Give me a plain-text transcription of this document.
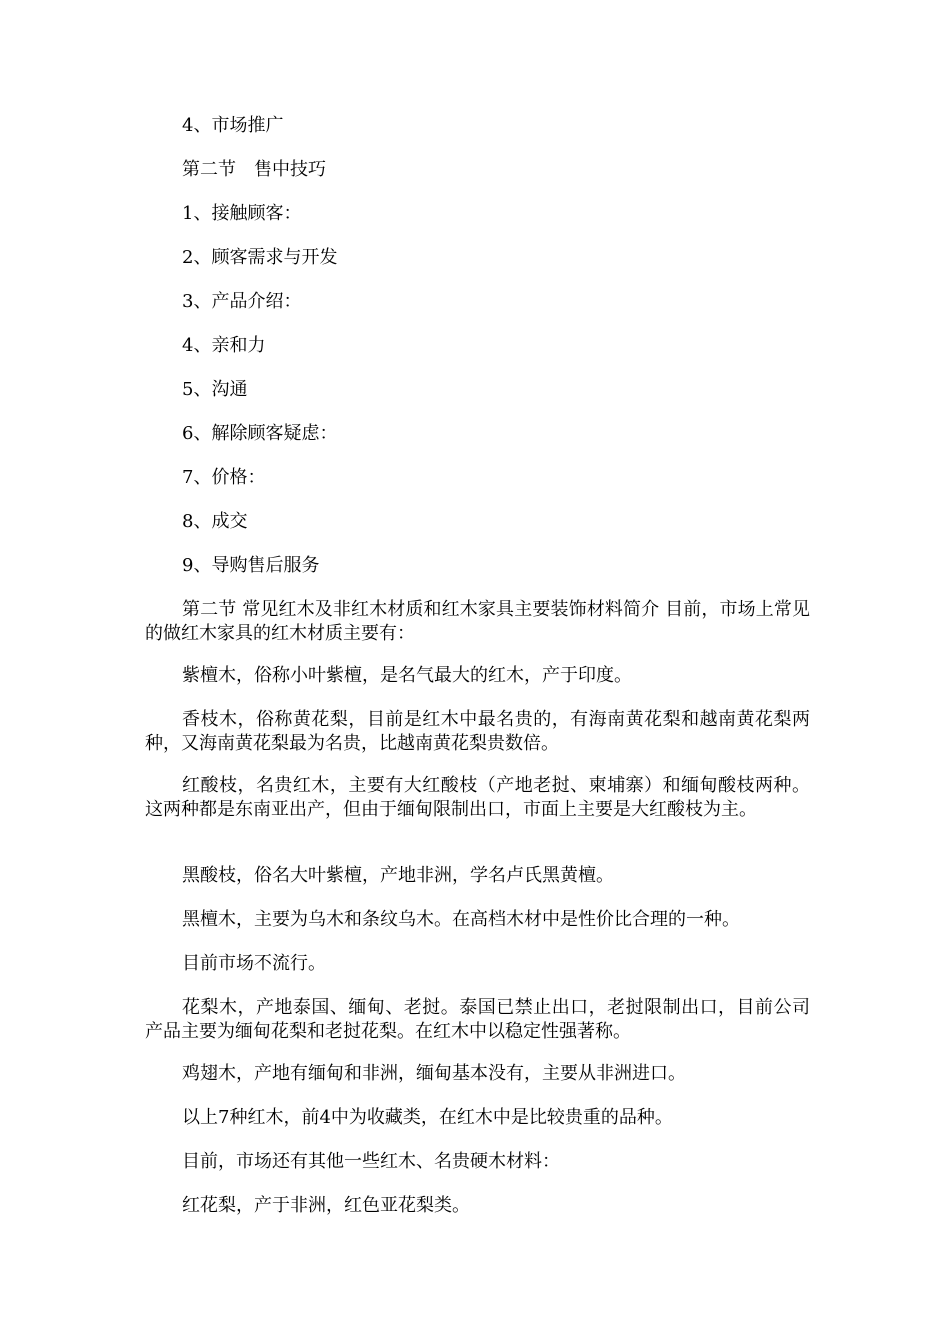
4、市场推广
第二节　售中技巧
1、接触顾客：
2、顾客需求与开发
3、产品介绍：
4、亲和力
5、沟通
6、解除顾客疑虑：
7、价格：
8、成交
9、导购售后服务
第二节 常见红木及非红木材质和红木家具主要装饰材料简介 目前，市场上常见的做红木家具的红木材质主要有：
紫檀木，俗称小叶紫檀，是名气最大的红木，产于印度。
香枝木，俗称黄花梨，目前是红木中最名贵的，有海南黄花梨和越南黄花梨两种，又海南黄花梨最为名贵，比越南黄花梨贵数倍。
红酸枝，名贵红木，主要有大红酸枝（产地老挝、柬埔寨）和缅甸酸枝两种。这两种都是东南亚出产，但由于缅甸限制出口，市面上主要是大红酸枝为主。
黑酸枝，俗名大叶紫檀，产地非洲，学名卢氏黑黄檀。
黑檀木，主要为乌木和条纹乌木。在高档木材中是性价比合理的一种。
目前市场不流行。
花梨木，产地泰国、缅甸、老挝。泰国已禁止出口，老挝限制出口，目前公司产品主要为缅甸花梨和老挝花梨。在红木中以稳定性强著称。
鸡翅木，产地有缅甸和非洲，缅甸基本没有，主要从非洲进口。
以上7种红木，前4中为收藏类，在红木中是比较贵重的品种。
目前，市场还有其他一些红木、名贵硬木材料：
红花梨，产于非洲，红色亚花梨类。
